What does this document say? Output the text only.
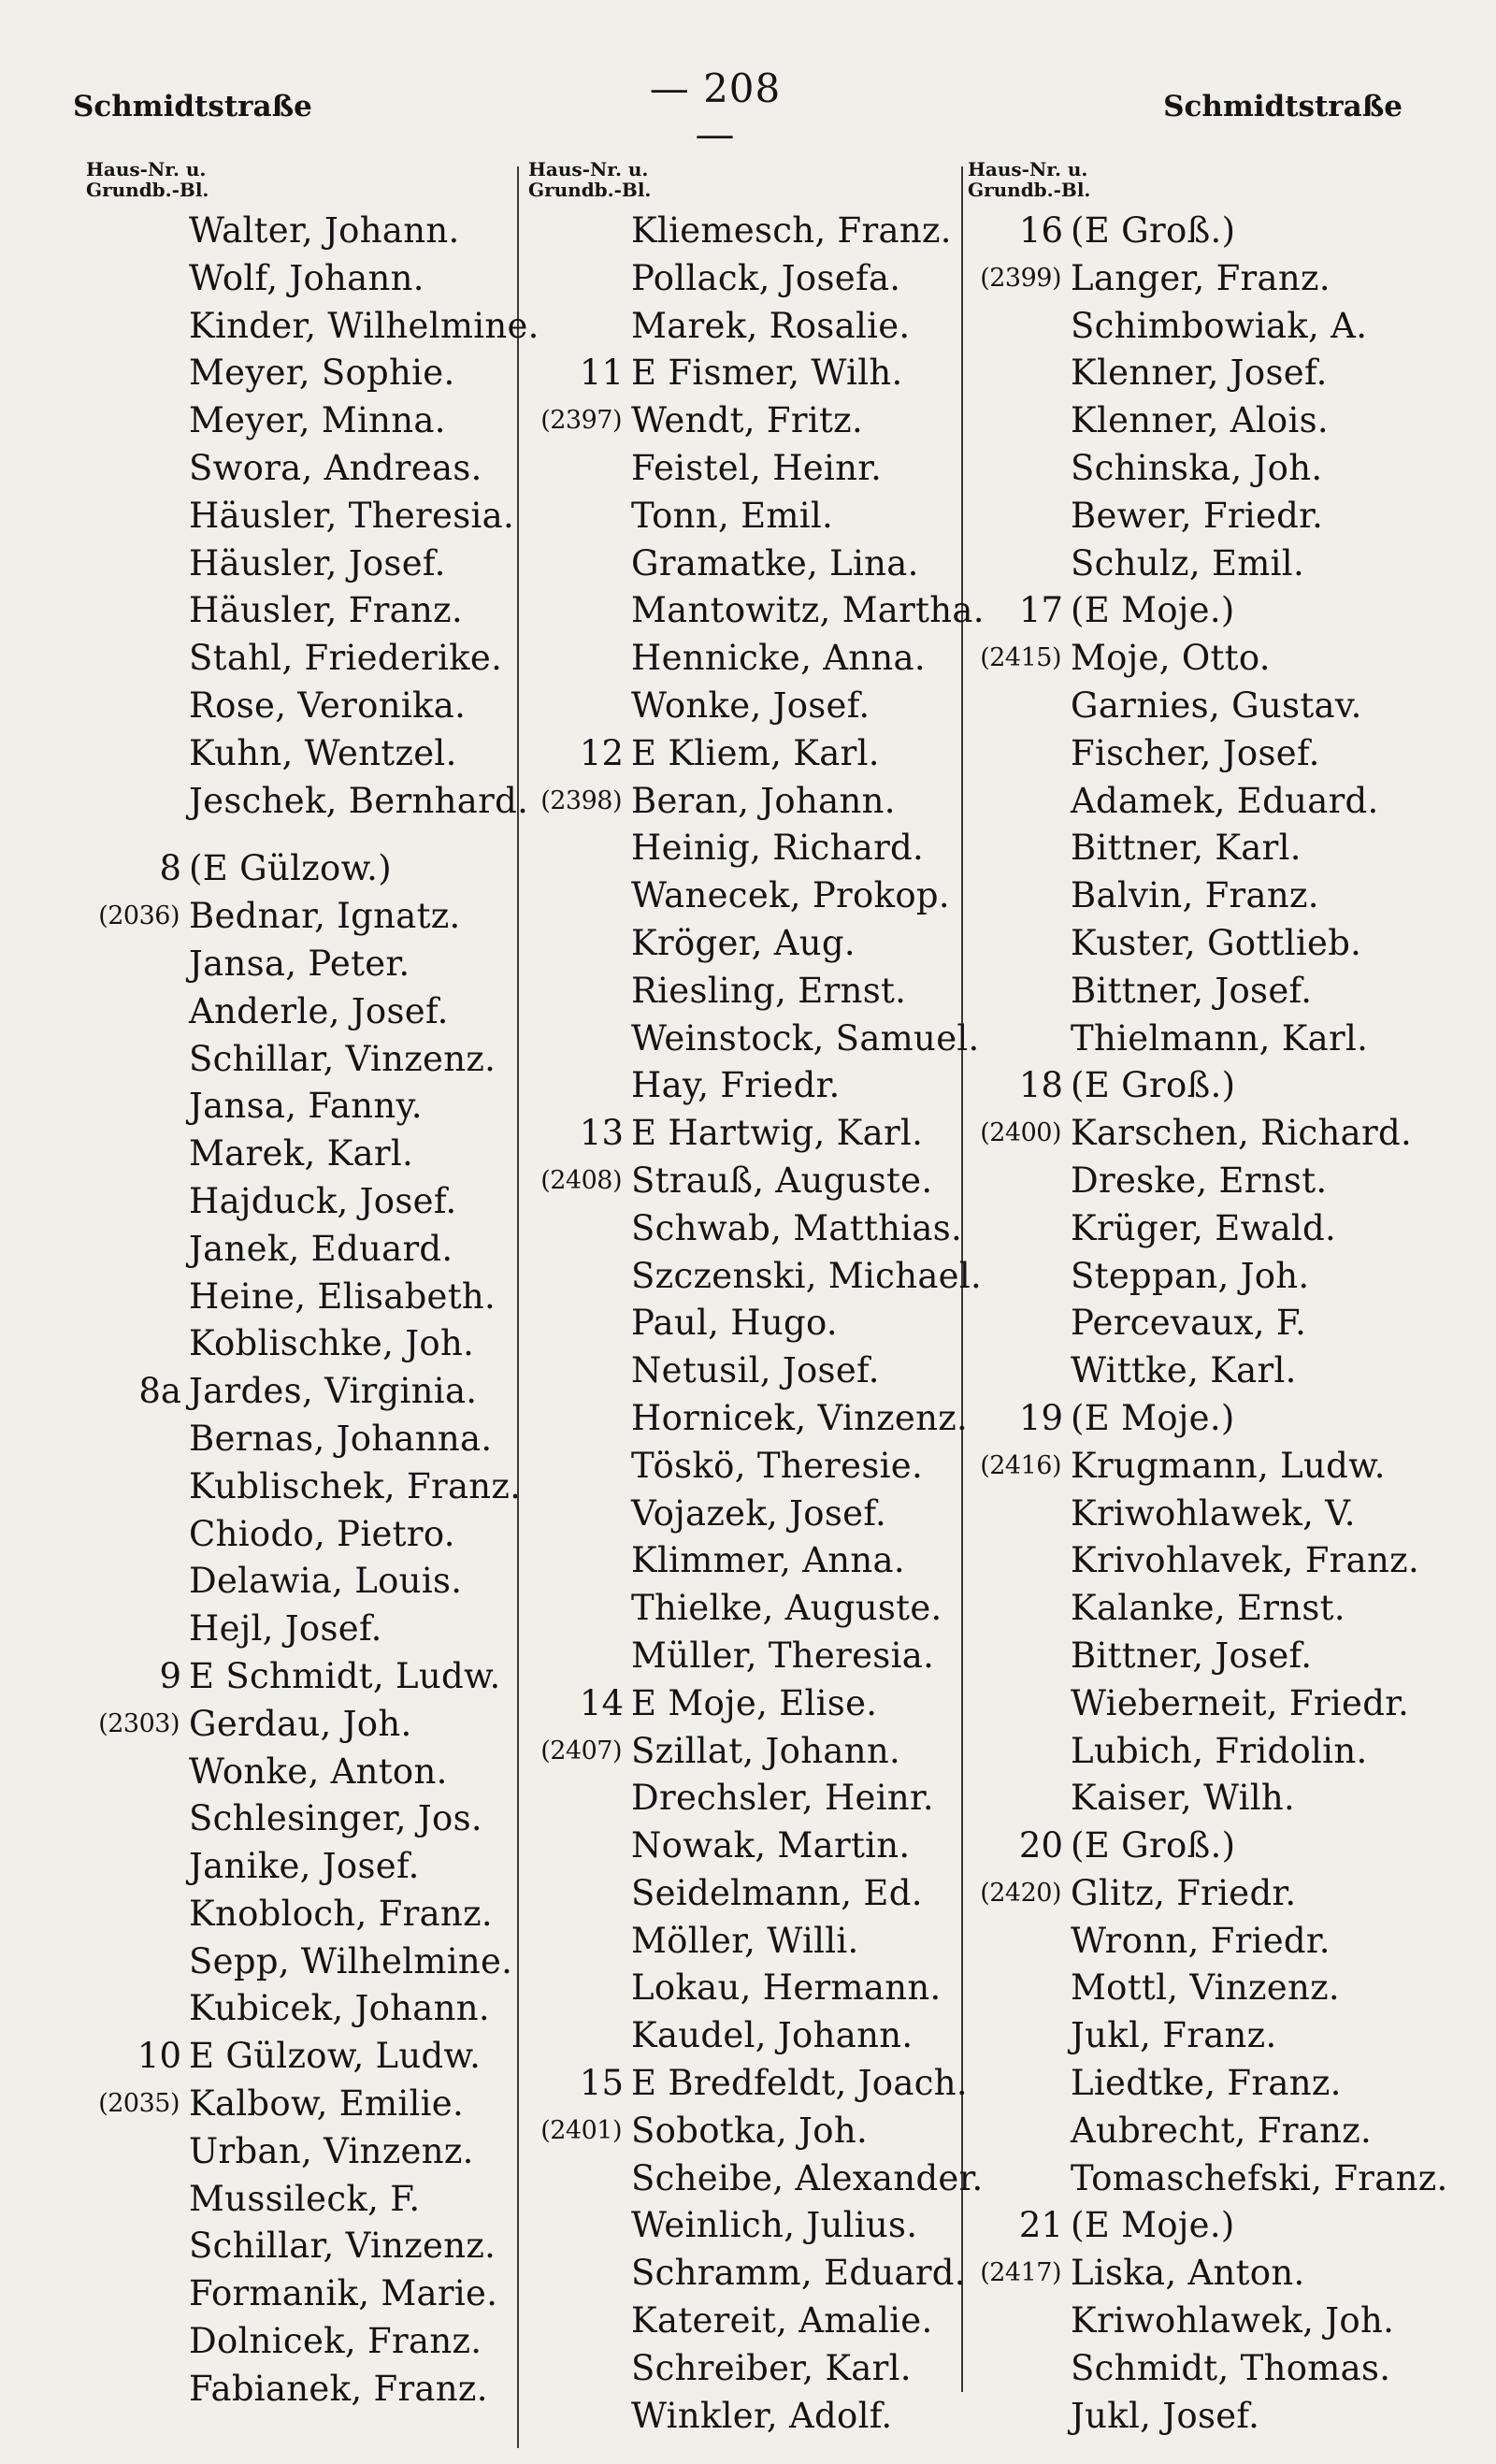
Schmidtstraße	— 208 —
Schmidtstraße
Haus-Nr. u.
Grundb.-Bl.
Walter, Johann.
Wolf, Johann.
Kinder, Wilhelmine.
Meyer, Sophie.
Meyer, Minna.
Swora, Andreas.
Häusler, Theresia.
Häusler, Josef.
Häusler, Franz.
Stahl, Friederike.
Rose, Veronika.
Kuhn, Wentzel.
Jeschek, Bernhard.
8 (E Gülzow.)
(2036) Bednar, Ignatz.
Jansa, Peter.
Anderle, Josef.
Schillar, Vinzenz.
Jansa, Fanny.
Marek, Karl.
Hajduck, Josef.
Janek, Eduard.
Heine, Elisabeth.
Koblischke, Joh.
8a Jardes, Virginia.
Bernas, Johanna.
Kublischek, Franz.
Chiodo, Pietro.
Delawia, Louis.
Hejl, Josef.
9 E Schmidt, Ludw.
(2303) Gerdau, Joh.
Wonke, Anton.
Schlesinger, Jos.
Janike, Josef.
Knobloch, Franz.
Sepp, Wilhelmine.
Kubicek, Johann.
10 E Gülzow, Ludw.
(2035) Kalbow, Emilie.
Urban, Vinzenz.
Mussileck, F.
Schillar, Vinzenz.
Formanik, Marie.
Dolnicek, Franz.
Fabianek, Franz.
Haus-Nr. u.
Grundb.-Bl.
Kliemesch, Franz.
Pollack, Josefa.
Marek, Rosalie.
11 E Fismer, Wilh.
(2397) Wendt, Fritz.
Feistel, Heinr.
Tonn, Emil.
Gramatke, Lina.
Mantowitz, Martha.
Hennicke, Anna.
Wonke, Josef.
12 E Kliem, Karl.
(2398) Beran, Johann.
Heinig, Richard.
Wanecek, Prokop.
Kröger, Aug.
Riesling, Ernst.
Weinstock, Samuel.
Hay, Friedr.
13 E Hartwig, Karl.
(2408) Strauß, Auguste.
Schwab, Matthias.
Szczenski, Michael.
Paul, Hugo.
Netusil, Josef.
Hornicek, Vinzenz.
Töskö, Theresie.
Vojazek, Josef.
Klimmer, Anna.
Thielke, Auguste.
Müller, Theresia.
14 E Moje, Elise.
(2407) Szillat, Johann.
Drechsler, Heinr.
Nowak, Martin.
Seidelmann, Ed.
Möller, Willi.
Lokau, Hermann.
Kaudel, Johann.
15 E Bredfeldt, Joach.
(2401) Sobotka, Joh.
Scheibe, Alexander.
Weinlich, Julius.
Schramm, Eduard.
Katereit, Amalie.
Schreiber, Karl.
Winkler, Adolf.
Haus-Nr. u.
Grundb.-Bl.
16 (E Groß.)
(2399) Langer, Franz.
Schimbowiak, A.
Klenner, Josef.
Klenner, Alois.
Schinska, Joh.
Bewer, Friedr.
Schulz, Emil.
17 (E Moje.)
(2415) Moje, Otto.
Garnies, Gustav.
Fischer, Josef.
Adamek, Eduard.
Bittner, Karl.
Balvin, Franz.
Kuster, Gottlieb.
Bittner, Josef.
Thielmann, Karl.
18 (E Groß.)
(2400) Karschen, Richard.
Dreske, Ernst.
Krüger, Ewald.
Steppan, Joh.
Percevaux, F.
Wittke, Karl.
19 (E Moje.)
(2416) Krugmann, Ludw.
Kriwohlawek, V.
Krivohlavek, Franz.
Kalanke, Ernst.
Bittner, Josef.
Wieberneit, Friedr.
Lubich, Fridolin.
Kaiser, Wilh.
20 (E Groß.)
(2420) Glitz, Friedr.
Wronn, Friedr.
Mottl, Vinzenz.
Jukl, Franz.
Liedtke, Franz.
Aubrecht, Franz.
Tomaschefski, Franz.
21 (E Moje.)
(2417) Liska, Anton.
Kriwohlawek, Joh.
Schmidt, Thomas.
Jukl, Josef.
